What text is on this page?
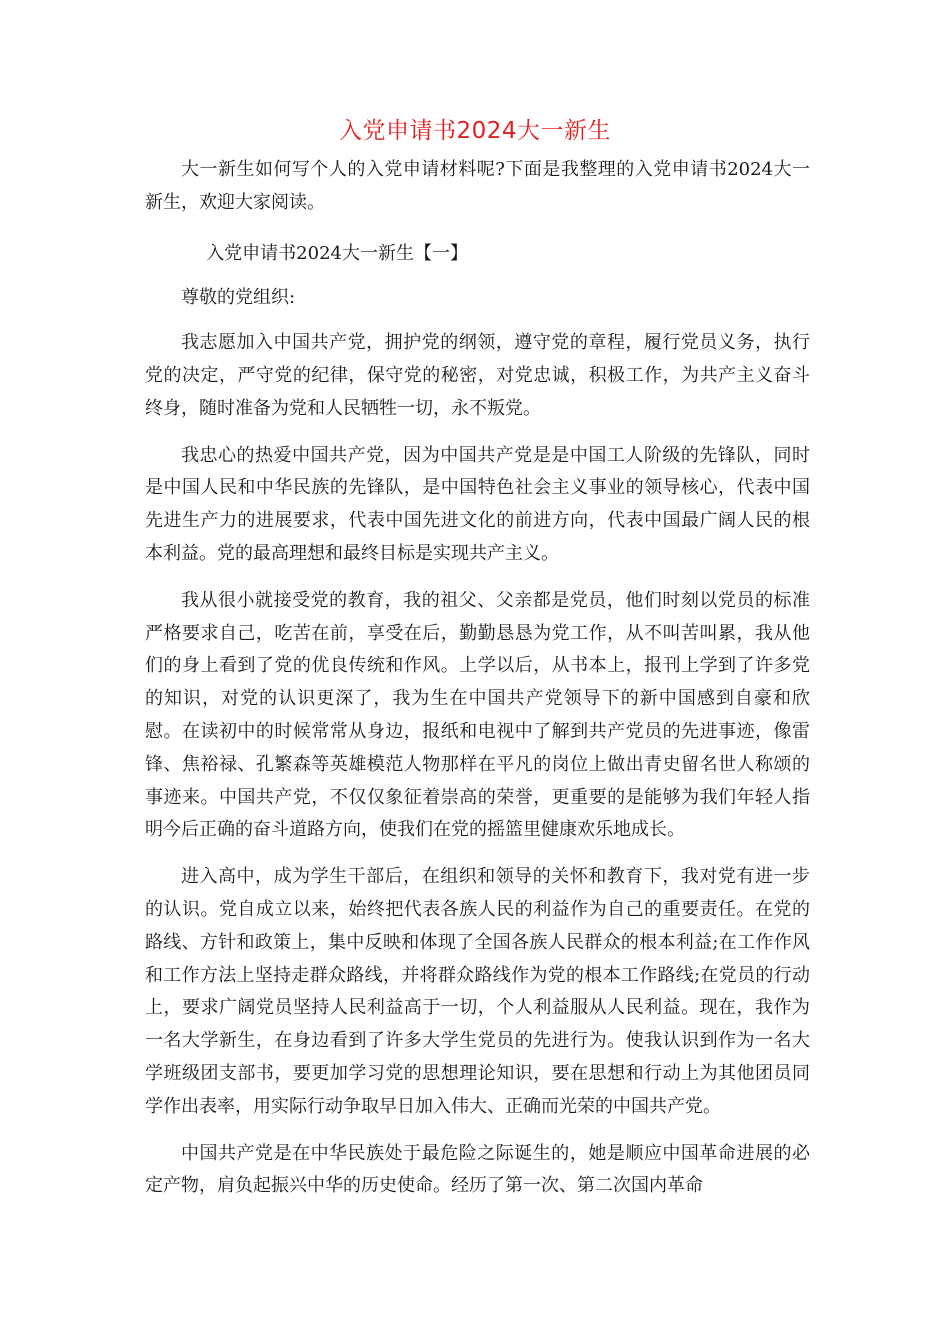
入党申请书2024大一新生

大一新生如何写个人的入党申请材料呢?下面是我整理的入党申请书2024大一新生，欢迎大家阅读。

入党申请书2024大一新生【一】

尊敬的党组织:

我志愿加入中国共产党，拥护党的纲领，遵守党的章程，履行党员义务，执行党的决定，严守党的纪律，保守党的秘密，对党忠诚，积极工作，为共产主义奋斗终身，随时准备为党和人民牺牲一切，永不叛党。

我忠心的热爱中国共产党，因为中国共产党是是中国工人阶级的先锋队，同时是中国人民和中华民族的先锋队，是中国特色社会主义事业的领导核心，代表中国先进生产力的进展要求，代表中国先进文化的前进方向，代表中国最广阔人民的根本利益。党的最高理想和最终目标是实现共产主义。

我从很小就接受党的教育，我的祖父、父亲都是党员，他们时刻以党员的标准严格要求自己，吃苦在前，享受在后，勤勤恳恳为党工作，从不叫苦叫累，我从他们的身上看到了党的优良传统和作风。上学以后，从书本上，报刊上学到了许多党的知识，对党的认识更深了，我为生在中国共产党领导下的新中国感到自豪和欣慰。在读初中的时候常常从身边，报纸和电视中了解到共产党员的先进事迹，像雷锋、焦裕禄、孔繁森等英雄模范人物那样在平凡的岗位上做出青史留名世人称颂的事迹来。中国共产党，不仅仅象征着崇高的荣誉，更重要的是能够为我们年轻人指明今后正确的奋斗道路方向，使我们在党的摇篮里健康欢乐地成长。

进入高中，成为学生干部后，在组织和领导的关怀和教育下，我对党有进一步的认识。党自成立以来，始终把代表各族人民的利益作为自己的重要责任。在党的路线、方针和政策上，集中反映和体现了全国各族人民群众的根本利益;在工作作风和工作方法上坚持走群众路线，并将群众路线作为党的根本工作路线;在党员的行动上，要求广阔党员坚持人民利益高于一切，个人利益服从人民利益。现在，我作为一名大学新生，在身边看到了许多大学生党员的先进行为。使我认识到作为一名大学班级团支部书，要更加学习党的思想理论知识，要在思想和行动上为其他团员同学作出表率，用实际行动争取早日加入伟大、正确而光荣的中国共产党。

中国共产党是在中华民族处于最危险之际诞生的，她是顺应中国革命进展的必定产物，肩负起振兴中华的历史使命。经历了第一次、第二次国内革命
